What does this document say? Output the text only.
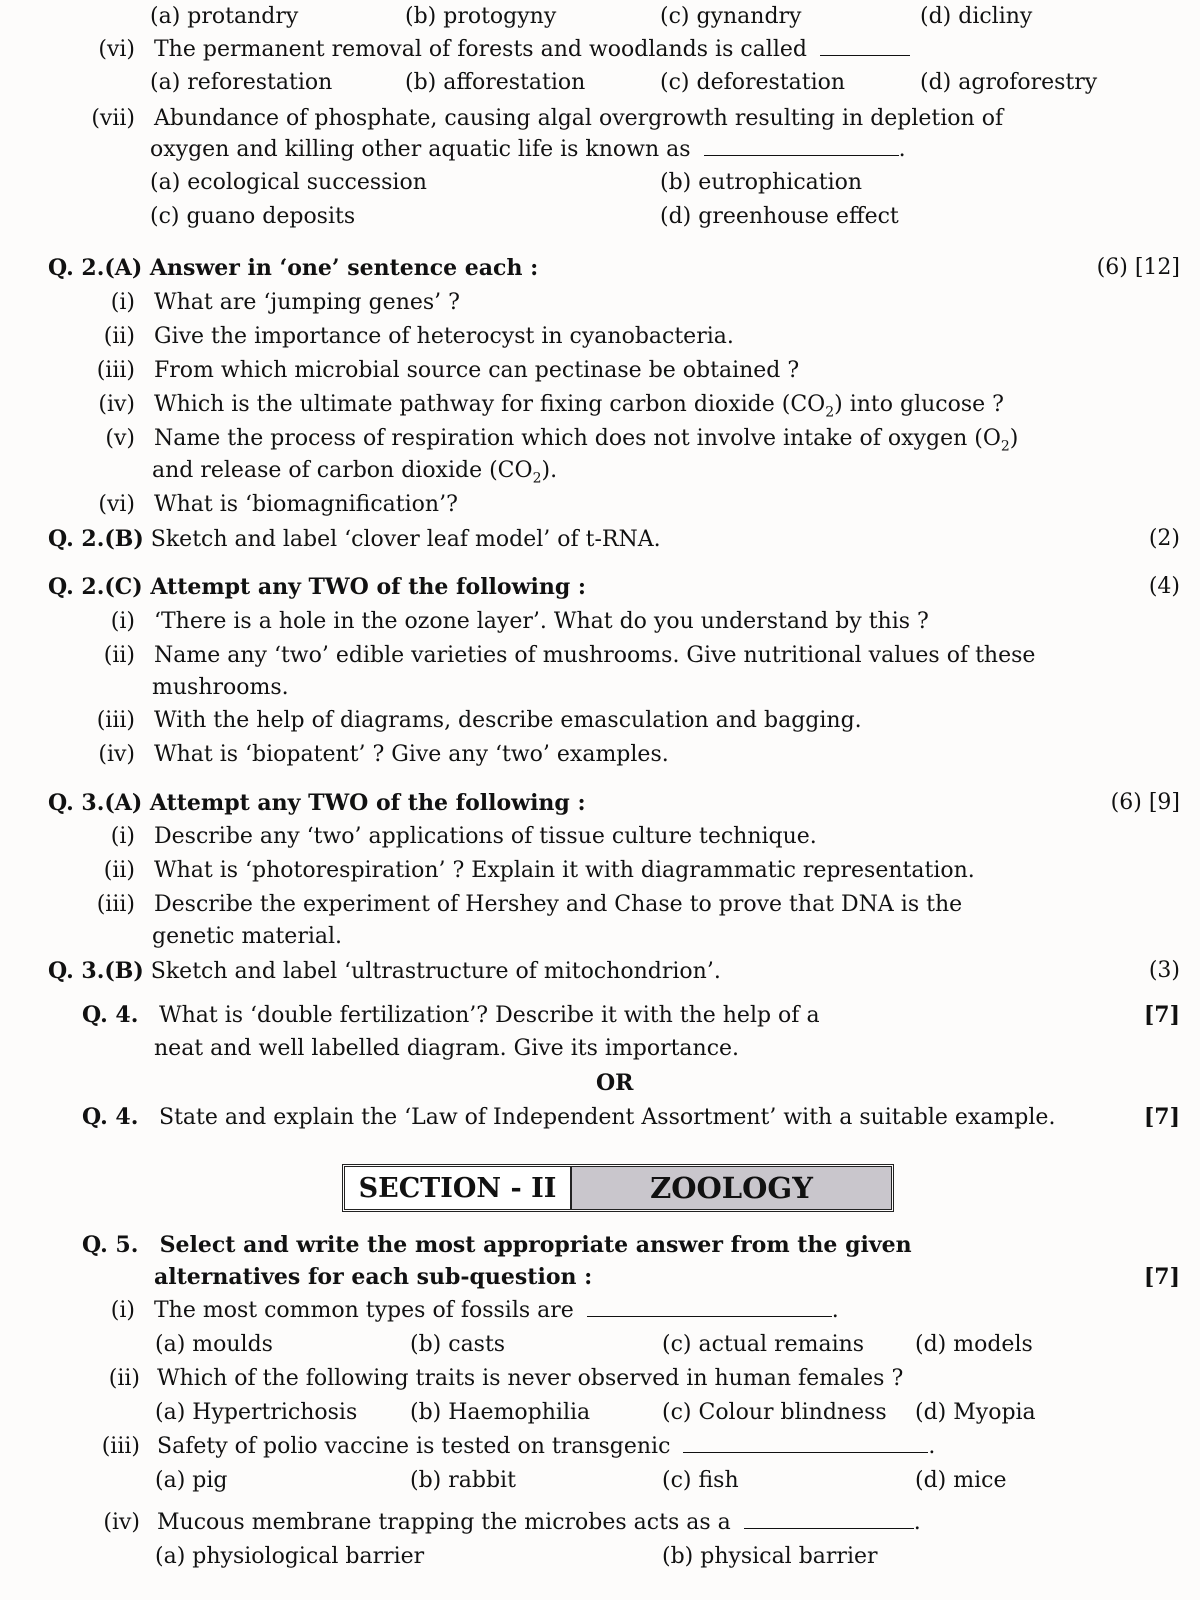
(a) protandry	(b) protogyny	(c) gynandry	(d) dicliny
(vi) The permanent removal of forests and woodlands is called
(a) reforestation	(b) afforestation	(c) deforestation	(d) agroforestry
(vii) Abundance of phosphate, causing algal overgrowth resulting in depletion of
oxygen and killing other aquatic life is known as	.
(a) ecological succession	(b) eutrophication
(c) guano deposits	(d) greenhouse effect
Q. 2.(A) Answer in ‘one’ sentence each :	(6) [12]
(i) What are ‘jumping genes’ ?
(ii) Give the importance of heterocyst in cyanobacteria.
(iii) From which microbial source can pectinase be obtained ?
(iv) Which is the ultimate pathway for fixing carbon dioxide $(CO_2)$ into glucose ?
(v) Name the process of respiration which does not involve intake of oxygen $(O_2)$
and release of carbon dioxide $(CO_2)$.
(vi) What is ‘biomagnification’?
Q. 2.(B) Sketch and label ‘clover leaf model’ of t-RNA.	(2)
Q. 2.(C) Attempt any TWO of the following :	(4)
(i) ‘There is a hole in the ozone layer’. What do you understand by this ?
(ii) Name any ‘two’ edible varieties of mushrooms. Give nutritional values of these
mushrooms.
(iii) With the help of diagrams, describe emasculation and bagging.
(iv) What is ‘biopatent’ ? Give any ‘two’ examples.
Q. 3.(A) Attempt any TWO of the following :	(6) [9]
(i) Describe any ‘two’ applications of tissue culture technique.
(ii) What is ‘photorespiration’ ? Explain it with diagrammatic representation.
(iii) Describe the experiment of Hershey and Chase to prove that DNA is the
genetic material.
Q. 3.(B) Sketch and label ‘ultrastructure of mitochondrion’.	(3)
Q. 4. What is ‘double fertilization’? Describe it with the help of a
neat and well labelled diagram. Give its importance.
[7]
OR
Q. 4. State and explain the ‘Law of Independent Assortment’ with a suitable example.	[7]
SECTION - II	ZOOLOGY
Q. 5. Select and write the most appropriate answer from the given
alternatives for each sub-question :	[7]
(i) The most common types of fossils are	.
(a) moulds	(b) casts	(c) actual remains (d) models
(ii) Which of the following traits is never observed in human females ?
(a) Hypertrichosis (b) Haemophilia	(c) Colour blindness (d) Myopia
(iii) Safety of polio vaccine is tested on transgenic	.
(a) pig	(b) rabbit	(c) fish	(d) mice
(iv) Mucous membrane trapping the microbes acts as a	.
(a) physiological barrier	(b) physical barrier
